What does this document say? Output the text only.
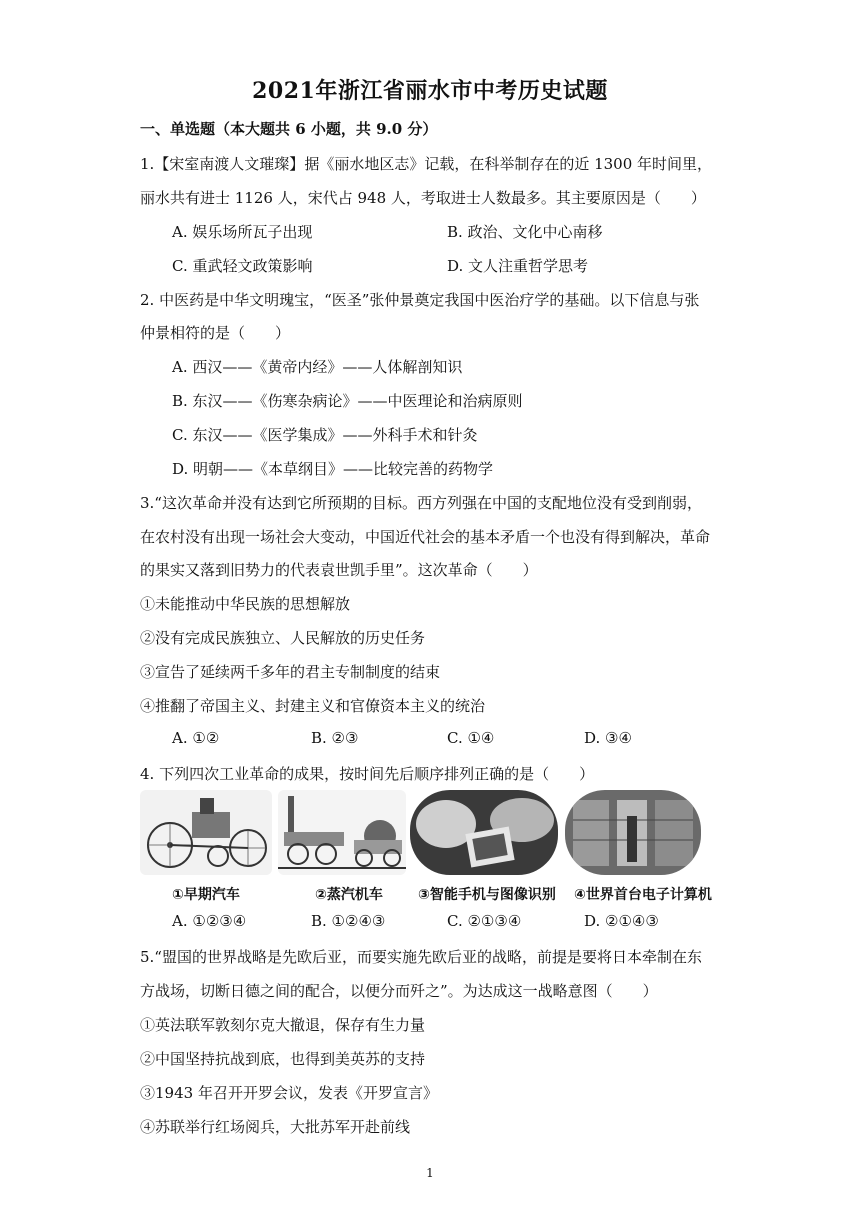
2021年浙江省丽水市中考历史试题
一、单选题（本大题共 6 小题，共 9.0 分）
1.【宋室南渡人文璀璨】据《丽水地区志》记载，在科举制存在的近 1300 年时间里，
丽水共有进士 1126 人，宋代占 948 人，考取进士人数最多。其主要原因是（　　）
A. 娱乐场所瓦子出现	B. 政治、文化中心南移
C. 重武轻文政策影响	D. 文人注重哲学思考
2. 中医药是中华文明瑰宝，“医圣”张仲景奠定我国中医治疗学的基础。以下信息与张
仲景相符的是（　　）
A. 西汉——《黄帝内经》——人体解剖知识
B. 东汉——《伤寒杂病论》——中医理论和治病原则
C. 东汉——《医学集成》——外科手术和针灸
D. 明朝——《本草纲目》——比较完善的药物学
3.“这次革命并没有达到它所预期的目标。西方列强在中国的支配地位没有受到削弱，
在农村没有出现一场社会大变动，中国近代社会的基本矛盾一个也没有得到解决，革命
的果实又落到旧势力的代表袁世凯手里”。这次革命（　　）
①未能推动中华民族的思想解放
②没有完成民族独立、人民解放的历史任务
③宣告了延续两千多年的君主专制制度的结束
④推翻了帝国主义、封建主义和官僚资本主义的统治
A. ①②	B. ②③	C. ①④	D. ③④
4. 下列四次工业革命的成果，按时间先后顺序排列正确的是（　　）
①早期汽车	②蒸汽机车	③智能手机与图像识别 ④世界首台电子计算机
A. ①②③④	B. ①②④③	C. ②①③④	D. ②①④③
5.“盟国的世界战略是先欧后亚，而要实施先欧后亚的战略，前提是要将日本牵制在东
方战场，切断日德之间的配合，以便分而歼之”。为达成这一战略意图（　　）
①英法联军敦刻尔克大撤退，保存有生力量
②中国坚持抗战到底，也得到美英苏的支持
③1943 年召开开罗会议，发表《开罗宣言》
④苏联举行红场阅兵，大批苏军开赴前线
1
